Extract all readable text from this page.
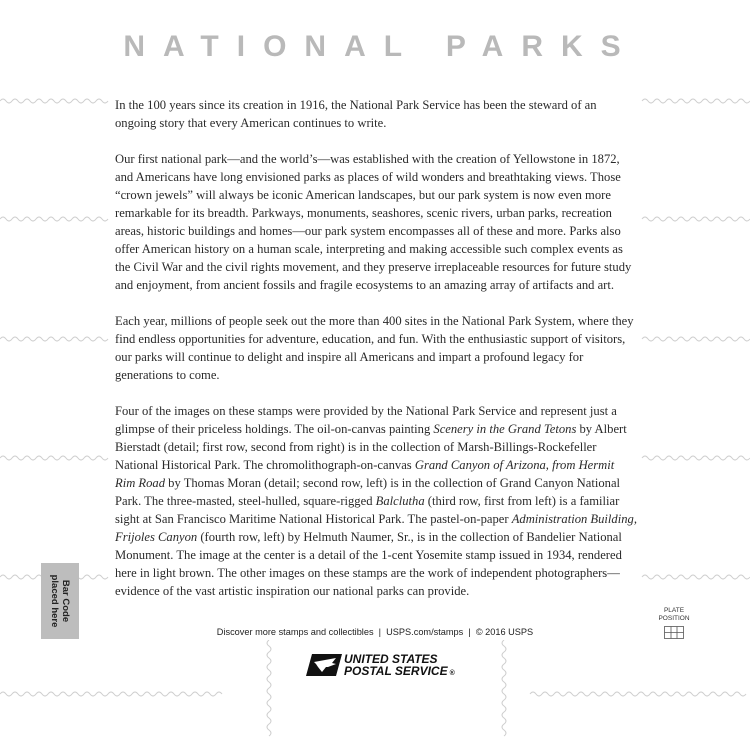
NATIONAL PARKS

In the 100 years since its creation in 1916, the National Park Service has been the steward of an ongoing story that every American continues to write.

Our first national park—and the world’s—was established with the creation of Yellowstone in 1872, and Americans have long envisioned parks as places of wild wonders and breathtaking views. Those “crown jewels” will always be iconic American landscapes, but our park system is now even more remarkable for its breadth. Parkways, monuments, seashores, scenic rivers, urban parks, recreation areas, historic buildings and homes—our park system encompasses all of these and more. Parks also offer American history on a human scale, interpreting and making accessible such complex events as the Civil War and the civil rights movement, and they preserve irreplaceable resources for future study and enjoyment, from ancient fossils and fragile ecosystems to an amazing array of artifacts and art.

Each year, millions of people seek out the more than 400 sites in the National Park System, where they find endless opportunities for adventure, education, and fun. With the enthusiastic support of visitors, our parks will continue to delight and inspire all Americans and impart a profound legacy for generations to come.

Four of the images on these stamps were provided by the National Park Service and represent just a glimpse of their priceless holdings. The oil-on-canvas painting Scenery in the Grand Tetons by Albert Bierstadt (detail; first row, second from right) is in the collection of Marsh-Billings-Rockefeller National Historical Park. The chromolithograph-on-canvas Grand Canyon of Arizona, from Hermit Rim Road by Thomas Moran (detail; second row, left) is in the collection of Grand Canyon National Park. The three-masted, steel-hulled, square-rigged Balclutha (third row, first from left) is a familiar sight at San Francisco Maritime National Historical Park. The pastel-on-paper Administration Building, Frijoles Canyon (fourth row, left) by Helmuth Naumer, Sr., is in the collection of Bandelier National Monument. The image at the center is a detail of the 1-cent Yosemite stamp issued in 1934, rendered here in light brown. The other images on these stamps are the work of independent photographers—evidence of the vast artistic inspiration our national parks can provide.

Bar Code
placed here	PLATE
POSITION
Discover more stamps and collectibles  |  USPS.com/stamps  |  © 2016 USPS
UNITED STATES
POSTAL SERVICE ®
